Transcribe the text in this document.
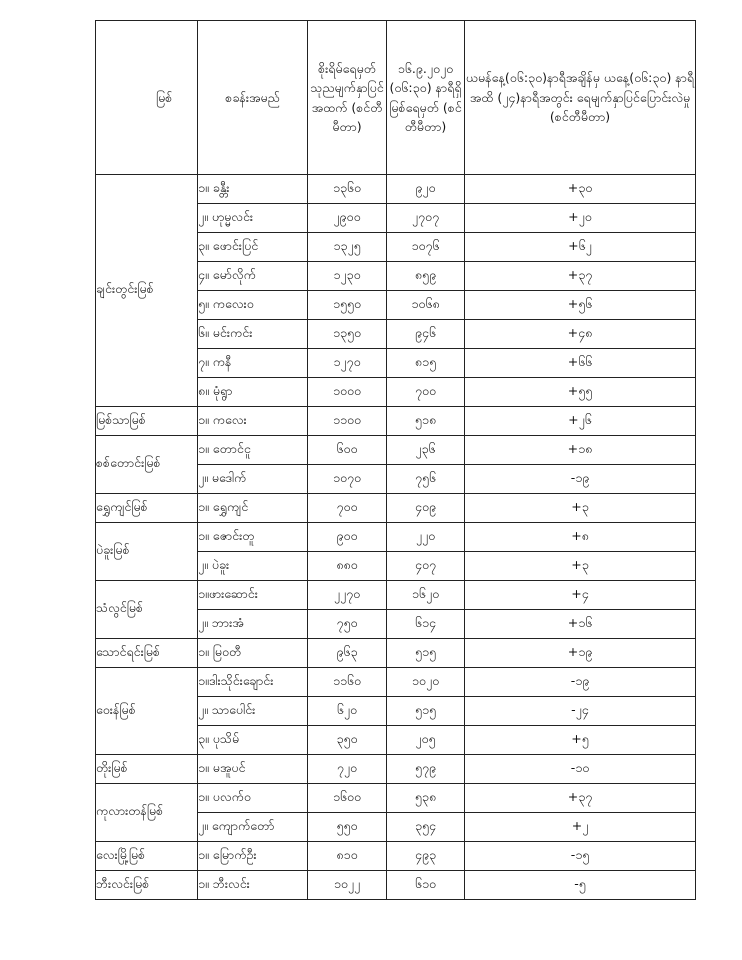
မြစ်	စခန်းအမည်	စိုးရိမ်ရေမှတ် သုညမျက်နှာပြင် အထက် (စင်တီမီတာ)	၁၆.၉.၂၀၂၀ (၀၆:၃၀) နာရီရှိ မြစ်ရေမှတ် (စင်တီမီတာ)	ယမန်နေ့(၀၆:၃၀)နာရီအချိန်မှ ယနေ့(၀၆:၃၀) နာရီအထိ (၂၄)နာရီအတွင်း ရေမျက်နှာပြင်ပြောင်းလဲမှု (စင်တီမီတာ)
ချင်းတွင်းမြစ်	၁။ ခန္တီး	၁၃၆၀	၉၂၀	+၃၀
	၂။ ဟုမ္မလင်း	၂၉၀၀	၂၇၀၇	+၂၀
	၃။ ဖောင်းပြင်	၁၃၂၅	၁၀၇၆	+၆၂
	၄။ မော်လိုက်	၁၂၃၀	၈၅၉	+၃၇
	၅။ ကလေးဝ	၁၅၅၀	၁၀၆၈	+၅၆
	၆။ မင်းကင်း	၁၃၅၀	၉၄၆	+၄၈
	၇။ ကနီ	၁၂၇၀	၈၁၅	+၆၆
	၈။ မုံရွာ	၁၀၀၀	၇၀၀	+၅၅
မြစ်သာမြစ်	၁။ ကလေး	၁၁၀၀	၅၁၈	+၂၆
စစ်တောင်းမြစ်	၁။ တောင်ငူ	၆၀၀	၂၃၆	+၁၈
	၂။ မဒေါက်	၁၀၇၀	၇၅၆	-၁၉
ရွှေကျင်မြစ်	၁။ ရွှေကျင်	၇၀၀	၄၀၉	+၃
ပဲခူးမြစ်	၁။ ဇောင်းတူ	၉၀၀	၂၂၀	+၈
	၂။ ပဲခူး	၈၈၀	၄၀၇	+၃
သံလွင်မြစ်	၁။ဖားဆောင်း	၂၂၇၀	၁၆၂၀	+၄
	၂။ ဘားအံ	၇၅၀	၆၁၄	+၁၆
သောင်ရင်းမြစ်	၁။ မြဝတီ	၉၆၃	၅၁၅	+၁၉
ဝေးန်မြစ်	၁။ဒါးသိုင်းချောင်း	၁၁၆၀	၁၀၂၀	-၁၉
	၂။ သာပေါင်း	၆၂၀	၅၁၅	-၂၄
	၃။ ပုသိမ်	၃၅၀	၂၀၅	+၅
တိုးမြစ်	၁။ မအူပင်	၇၂၀	၅၇၉	-၁၀
ကုလားတန်မြစ်	၁။ ပလက်ဝ	၁၆၀၀	၅၃၈	+၃၇
	၂။ ကျောက်တော်	၅၅၀	၃၅၄	+၂
လေးမြို့မြစ်	၁။ မြောက်ဦး	၈၁၀	၄၉၃	-၁၅
ဘီးလင်းမြစ်	၁။ ဘီးလင်း	၁၀၂၂	၆၁၀	-၅
